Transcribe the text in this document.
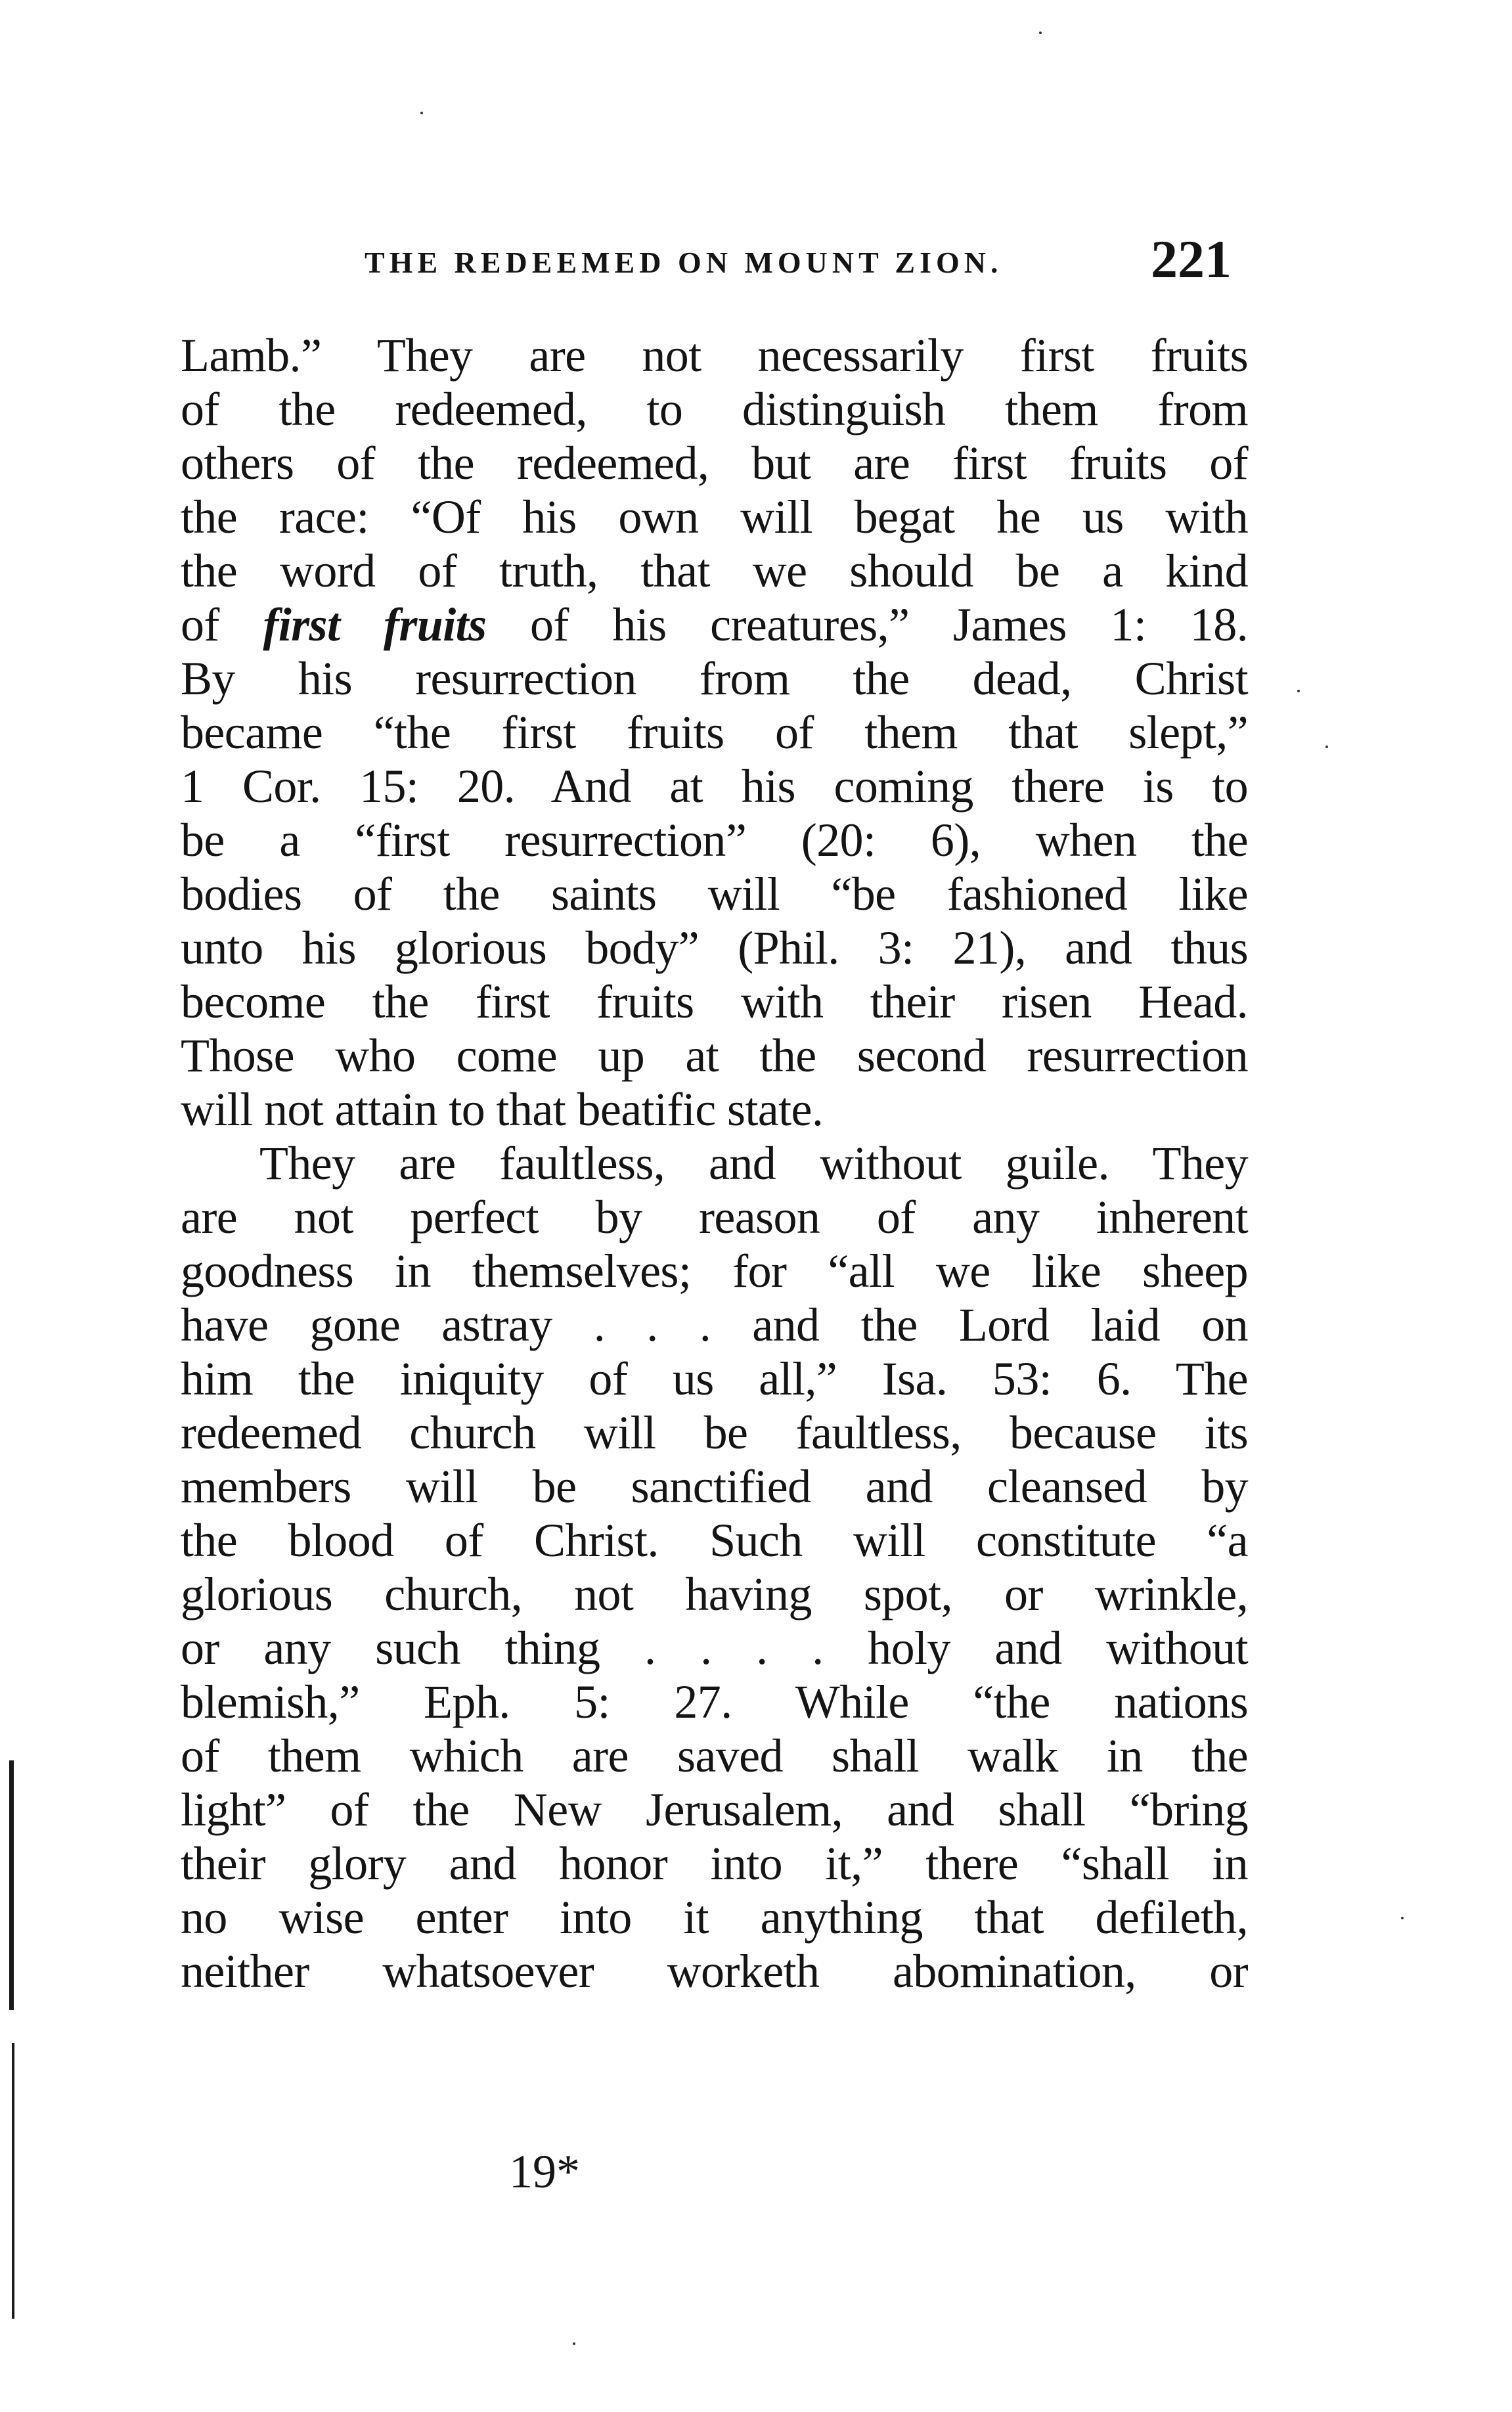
THE REDEEMED ON MOUNT ZION.	221
Lamb.” They are not necessarily first fruits
of the redeemed, to distinguish them from
others of the redeemed, but are first fruits of
the race: “Of his own will begat he us with
the word of truth, that we should be a kind
of first fruits of his creatures,” James 1: 18.
By his resurrection from the dead, Christ
became “the first fruits of them that slept,”
1 Cor. 15: 20. And at his coming there is to
be a “first resurrection” (20: 6), when the
bodies of the saints will “be fashioned like
unto his glorious body” (Phil. 3: 21), and thus
become the first fruits with their risen Head.
Those who come up at the second resurrection
will not attain to that beatific state.
They are faultless, and without guile. They
are not perfect by reason of any inherent
goodness in themselves; for “all we like sheep
have gone astray . . . and the Lord laid on
him the iniquity of us all,” Isa. 53: 6. The
redeemed church will be faultless, because its
members will be sanctified and cleansed by
the blood of Christ. Such will constitute “a
glorious church, not having spot, or wrinkle,
or any such thing . . . . holy and without
blemish,” Eph. 5: 27. While “the nations
of them which are saved shall walk in the
light” of the New Jerusalem, and shall “bring
their glory and honor into it,” there “shall in
no wise enter into it anything that defileth,
neither whatsoever worketh abomination, or
19*
